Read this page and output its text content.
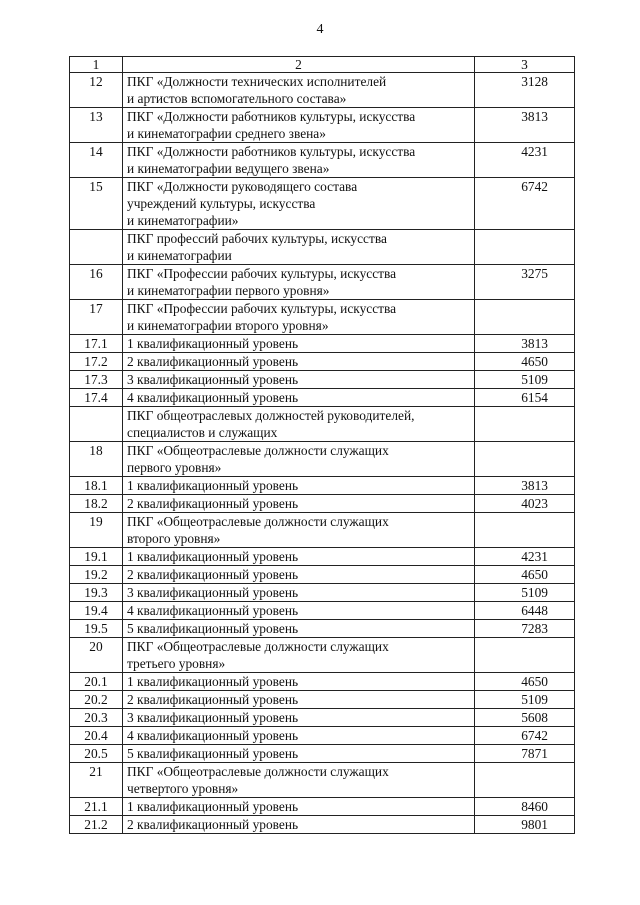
4
1	2	3
12	ПКГ «Должности технических исполнителей
и артистов вспомогательного состава»	3128
13	ПКГ «Должности работников культуры, искусства
и кинематографии среднего звена»	3813
14	ПКГ «Должности работников культуры, искусства
и кинематографии ведущего звена»	4231
15	ПКГ «Должности руководящего состава
учреждений культуры, искусства
и кинематографии»	6742
	ПКГ профессий рабочих культуры, искусства
и кинематографии	
16	ПКГ «Профессии рабочих культуры, искусства
и кинематографии первого уровня»	3275
17	ПКГ «Профессии рабочих культуры, искусства
и кинематографии второго уровня»	
17.1	1 квалификационный уровень	3813
17.2	2 квалификационный уровень	4650
17.3	3 квалификационный уровень	5109
17.4	4 квалификационный уровень	6154
	ПКГ общеотраслевых должностей руководителей,
специалистов и служащих	
18	ПКГ «Общеотраслевые должности служащих
первого уровня»	
18.1	1 квалификационный уровень	3813
18.2	2 квалификационный уровень	4023
19	ПКГ «Общеотраслевые должности служащих
второго уровня»	
19.1	1 квалификационный уровень	4231
19.2	2 квалификационный уровень	4650
19.3	3 квалификационный уровень	5109
19.4	4 квалификационный уровень	6448
19.5	5 квалификационный уровень	7283
20	ПКГ «Общеотраслевые должности служащих
третьего уровня»	
20.1	1 квалификационный уровень	4650
20.2	2 квалификационный уровень	5109
20.3	3 квалификационный уровень	5608
20.4	4 квалификационный уровень	6742
20.5	5 квалификационный уровень	7871
21	ПКГ «Общеотраслевые должности служащих
четвертого уровня»	
21.1	1 квалификационный уровень	8460
21.2	2 квалификационный уровень	9801
